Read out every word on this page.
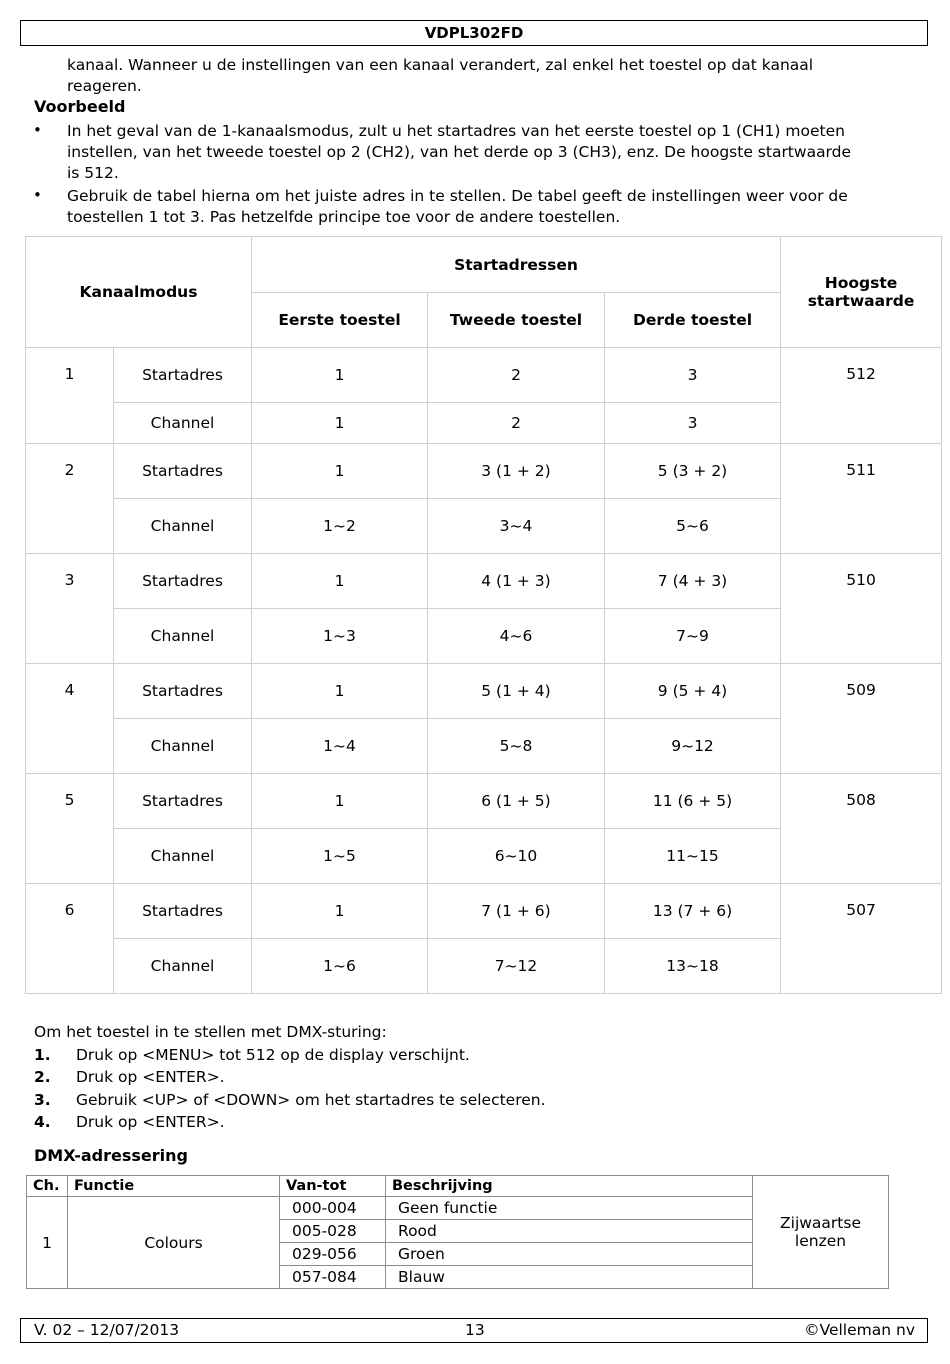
VDPL302FD
kanaal. Wanneer u de instellingen van een kanaal verandert, zal enkel het toestel op dat kanaal
reageren.
Voorbeeld
• In het geval van de 1-kanaalsmodus, zult u het startadres van het eerste toestel op 1 (CH1) moeten
instellen, van het tweede toestel op 2 (CH2), van het derde op 3 (CH3), enz. De hoogste startwaarde
is 512.
• Gebruik de tabel hierna om het juiste adres in te stellen. De tabel geeft de instellingen weer voor de
toestellen 1 tot 3. Pas hetzelfde principe toe voor de andere toestellen.
Kanaalmodus		Startadressen			Hoogste startwaarde
		Eerste toestel	Tweede toestel	Derde toestel	
1	Startadres	1	2	3	512
	Channel	1	2	3	
2	Startadres	1	3 (1 + 2)	5 (3 + 2)	511
	Channel	1~2	3~4	5~6	
3	Startadres	1	4 (1 + 3)	7 (4 + 3)	510
	Channel	1~3	4~6	7~9	
4	Startadres	1	5 (1 + 4)	9 (5 + 4)	509
	Channel	1~4	5~8	9~12	
5	Startadres	1	6 (1 + 5)	11 (6 + 5)	508
	Channel	1~5	6~10	11~15	
6	Startadres	1	7 (1 + 6)	13 (7 + 6)	507
	Channel	1~6	7~12	13~18	
Om het toestel in te stellen met DMX-sturing:
1. Druk op <MENU> tot 512 op de display verschijnt.
2. Druk op <ENTER>.
3. Gebruik <UP> of <DOWN> om het startadres te selecteren.
4. Druk op <ENTER>.
DMX-adressering
Ch.	Functie	Van-tot	Beschrijving	Zijwaartse
lenzen

1	Colours	000-004	Geen functie	
		005-028	Rood	
		029-056	Groen	
		057-084	Blauw	
V. 02 – 12/07/2013	13	©Velleman nv
